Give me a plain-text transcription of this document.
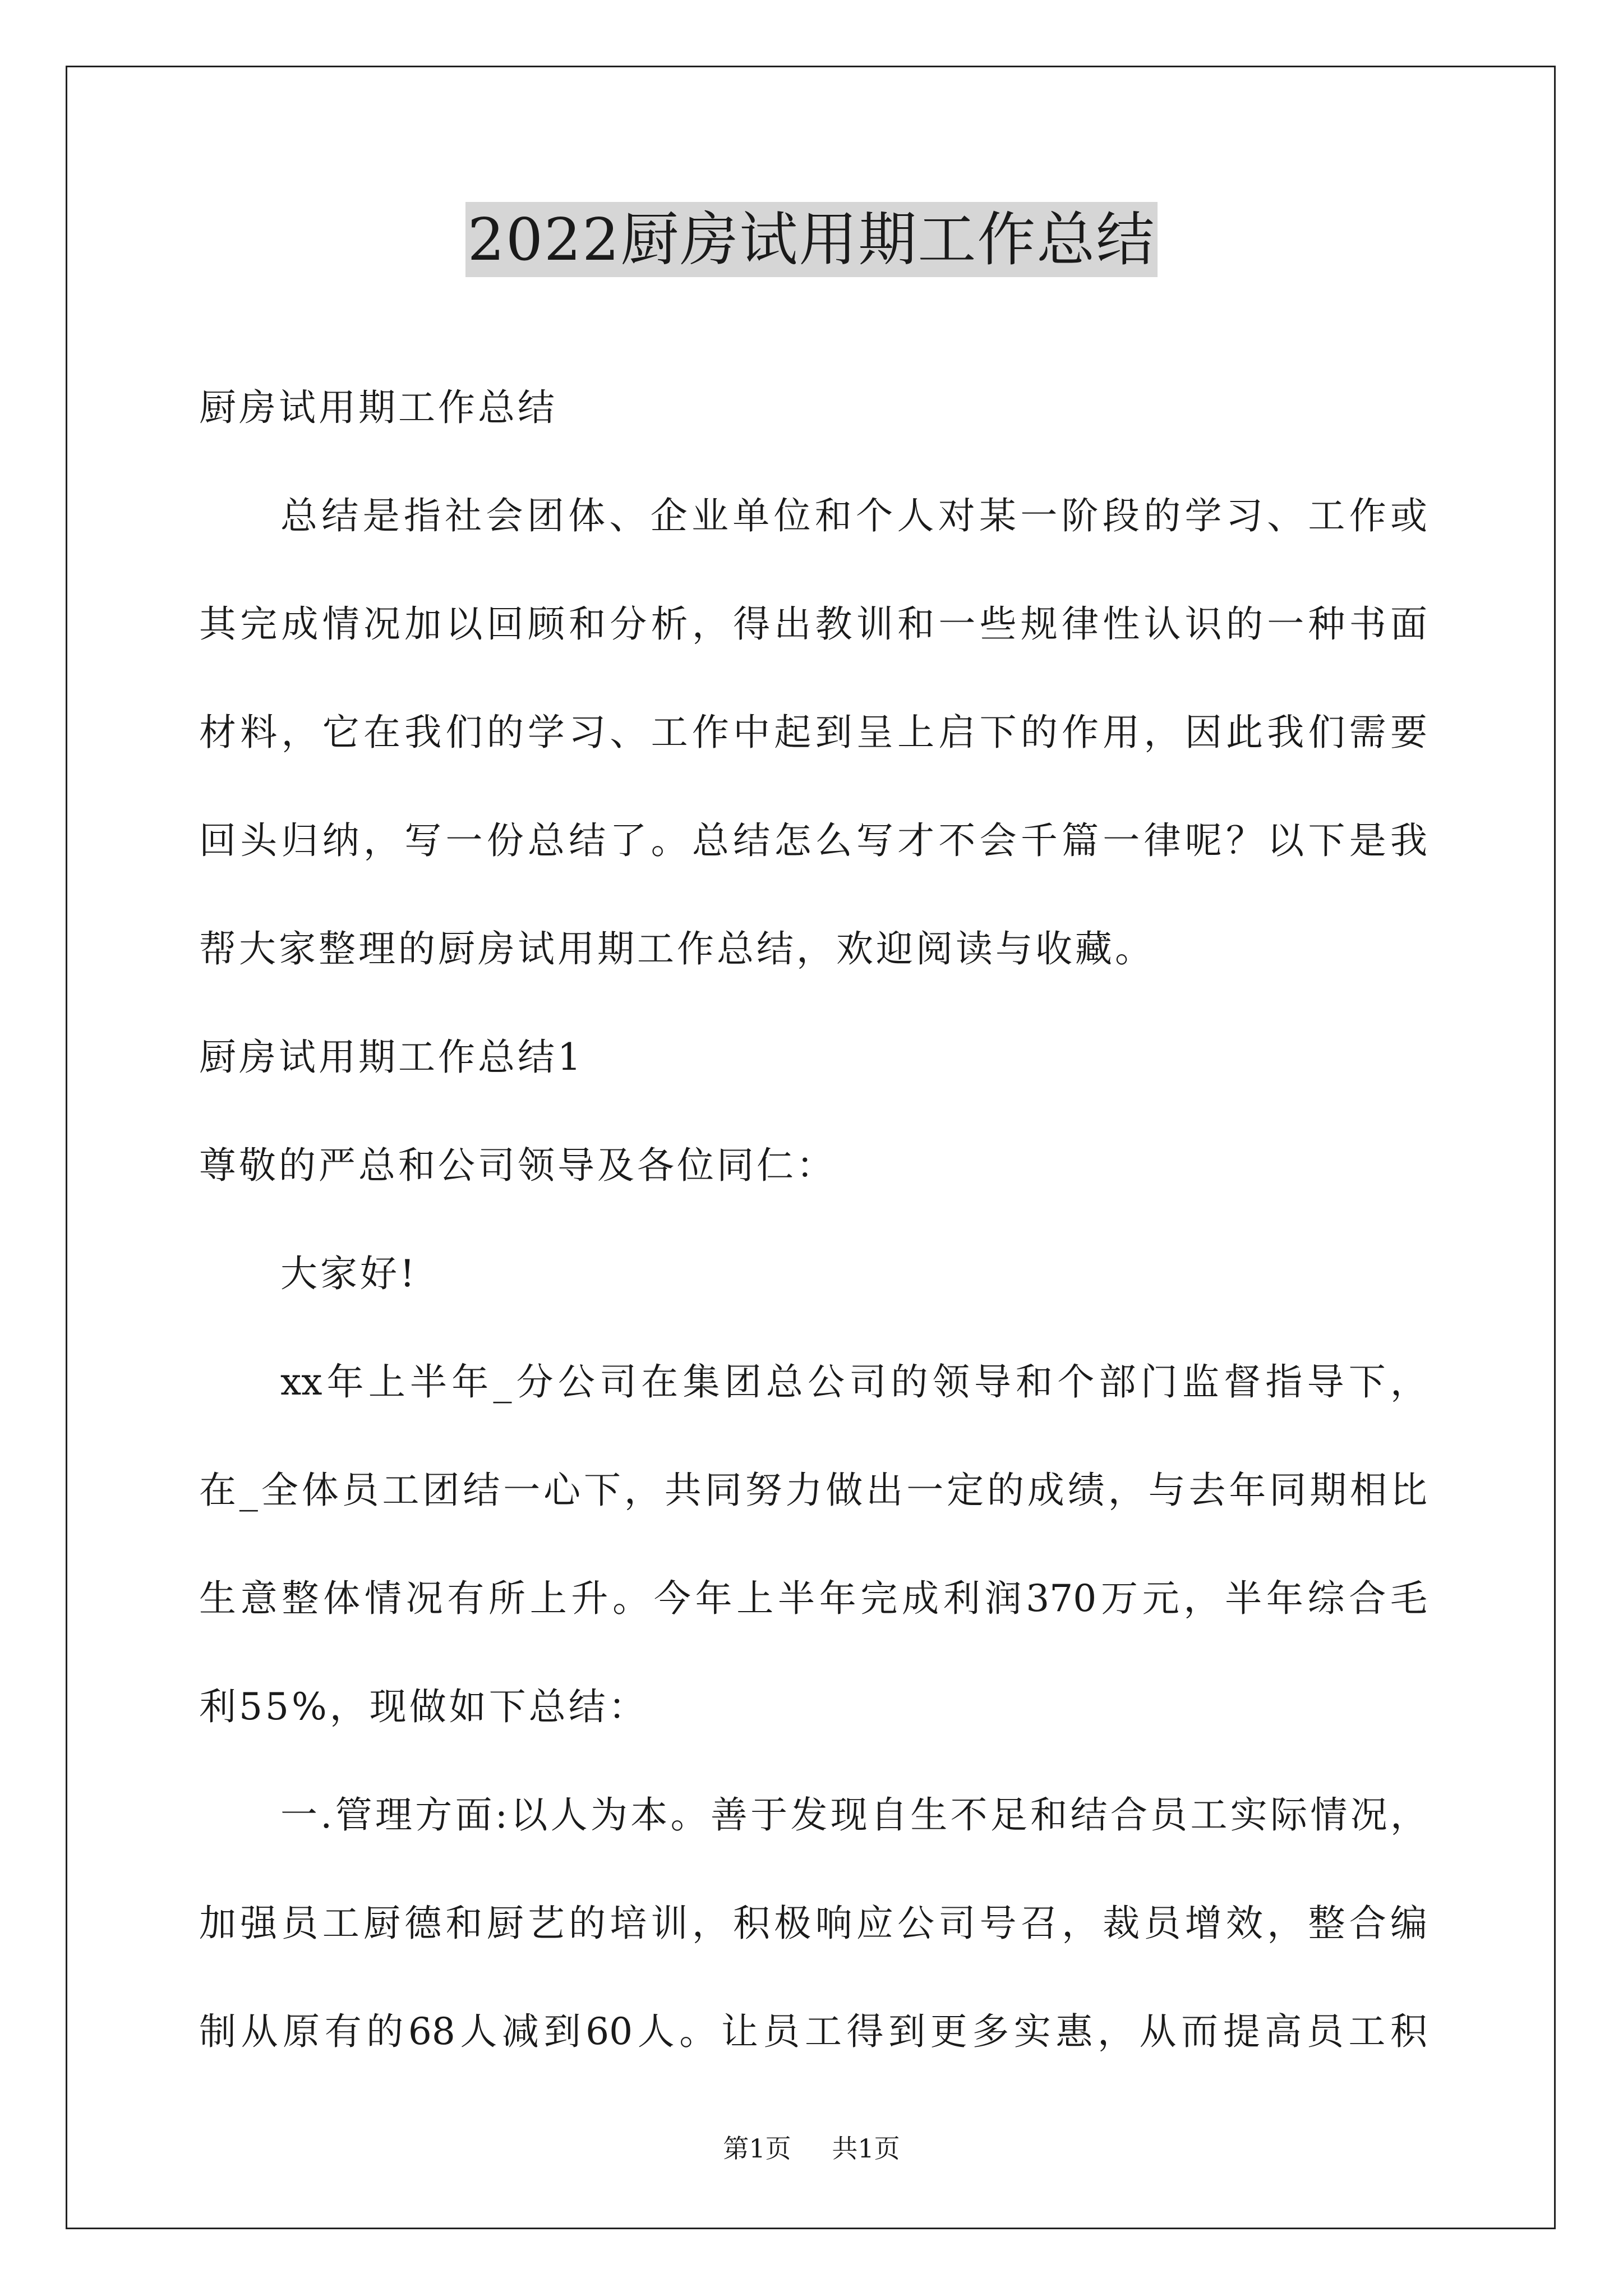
2022厨房试用期工作总结
厨房试用期工作总结
总结是指社会团体、企业单位和个人对某一阶段的学习、工作或
其完成情况加以回顾和分析，得出教训和一些规律性认识的一种书面
材料，它在我们的学习、工作中起到呈上启下的作用，因此我们需要
回头归纳，写一份总结了。总结怎么写才不会千篇一律呢？以下是我
帮大家整理的厨房试用期工作总结，欢迎阅读与收藏。
厨房试用期工作总结1
尊敬的严总和公司领导及各位同仁：
大家好!
xx年上半年_分公司在集团总公司的领导和个部门监督指导下，
在_全体员工团结一心下，共同努力做出一定的成绩，与去年同期相比
生意整体情况有所上升。今年上半年完成利润370万元，半年综合毛
利55%，现做如下总结：
一.管理方面:以人为本。善于发现自生不足和结合员工实际情况，
加强员工厨德和厨艺的培训，积极响应公司号召，裁员增效，整合编
制从原有的68人减到60人。让员工得到更多实惠，从而提高员工积
第1页 共1页
